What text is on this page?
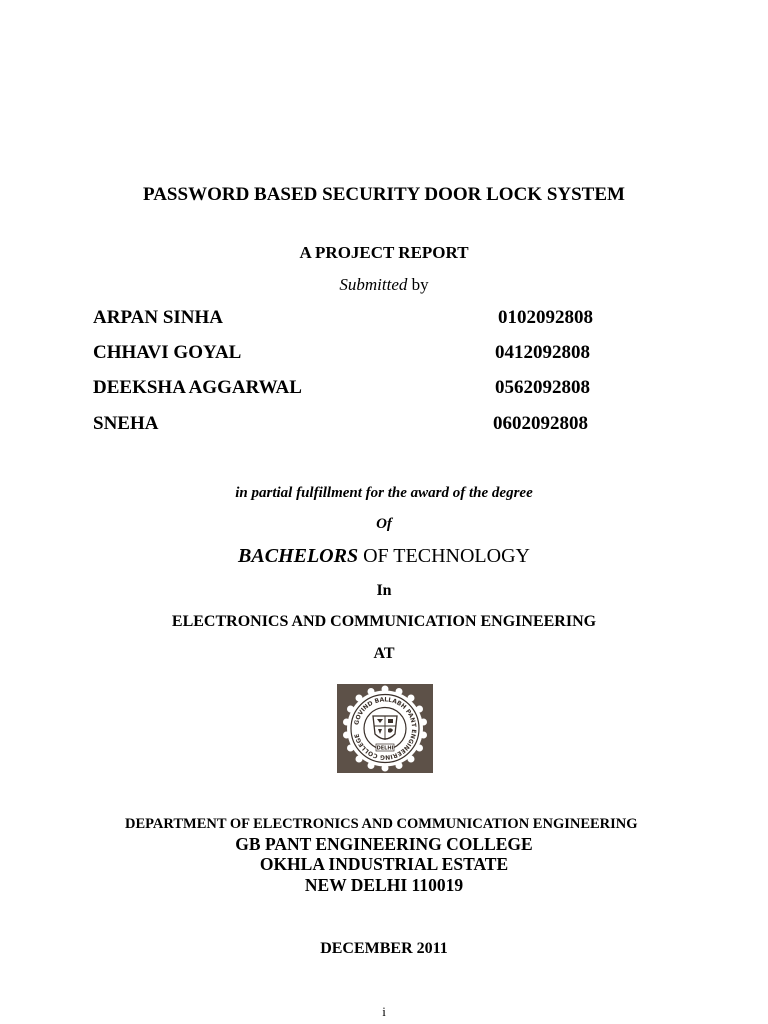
PASSWORD BASED SECURITY DOOR LOCK SYSTEM
A PROJECT REPORT
Submitted by
ARPAN SINHA	0102092808
CHHAVI GOYAL	0412092808
DEEKSHA AGGARWAL	0562092808
SNEHA	0602092808
in partial fulfillment for the award of the degree
Of
BACHELORS OF TECHNOLOGY
In
ELECTRONICS AND COMMUNICATION ENGINEERING
AT
GOVIND BALLABH PANT ENGINEERING COLLEGE
DELHI
DEPARTMENT OF ELECTRONICS AND COMMUNICATION ENGINEERING
GB PANT ENGINEERING COLLEGE
OKHLA INDUSTRIAL ESTATE
NEW DELHI 110019
DECEMBER 2011
i
